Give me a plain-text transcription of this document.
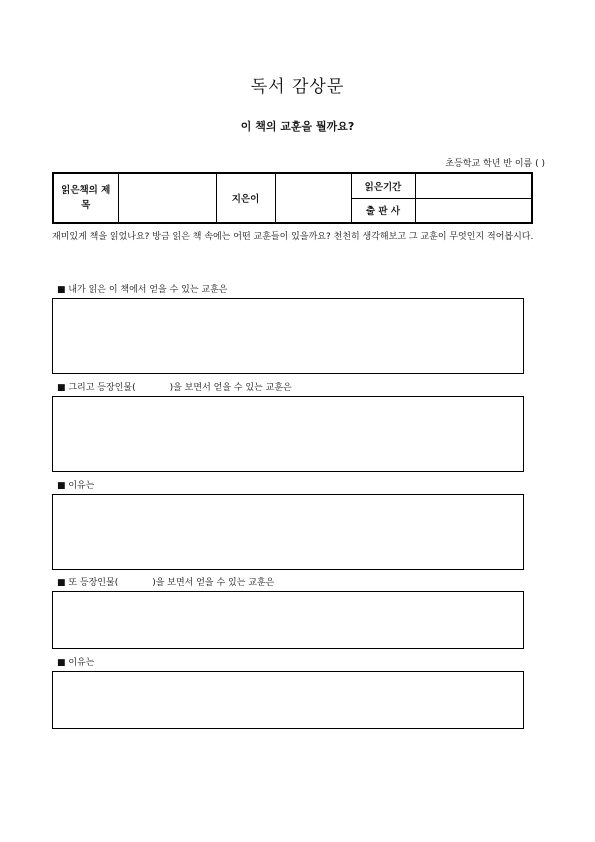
독서 감상문
이 책의 교훈을 뭘까요?
초등학교 학년 반 이름 ( )
읽은책의 제 목		지은이		읽은기간	
				출 판 사	
재미있게 책을 읽었나요? 방금 읽은 책 속에는 어떤 교훈들이 있을까요? 천천히 생각해보고 그 교훈이 무엇인지 적어봅시다.
■ 내가 읽은 이 책에서 얻을 수 있는 교훈은
■ 그리고 등장인물(	)을 보면서 얻을 수 있는 교훈은
■ 이유는
■ 또 등장인물(	)을 보면서 얻을 수 있는 교훈은
■ 이유는
